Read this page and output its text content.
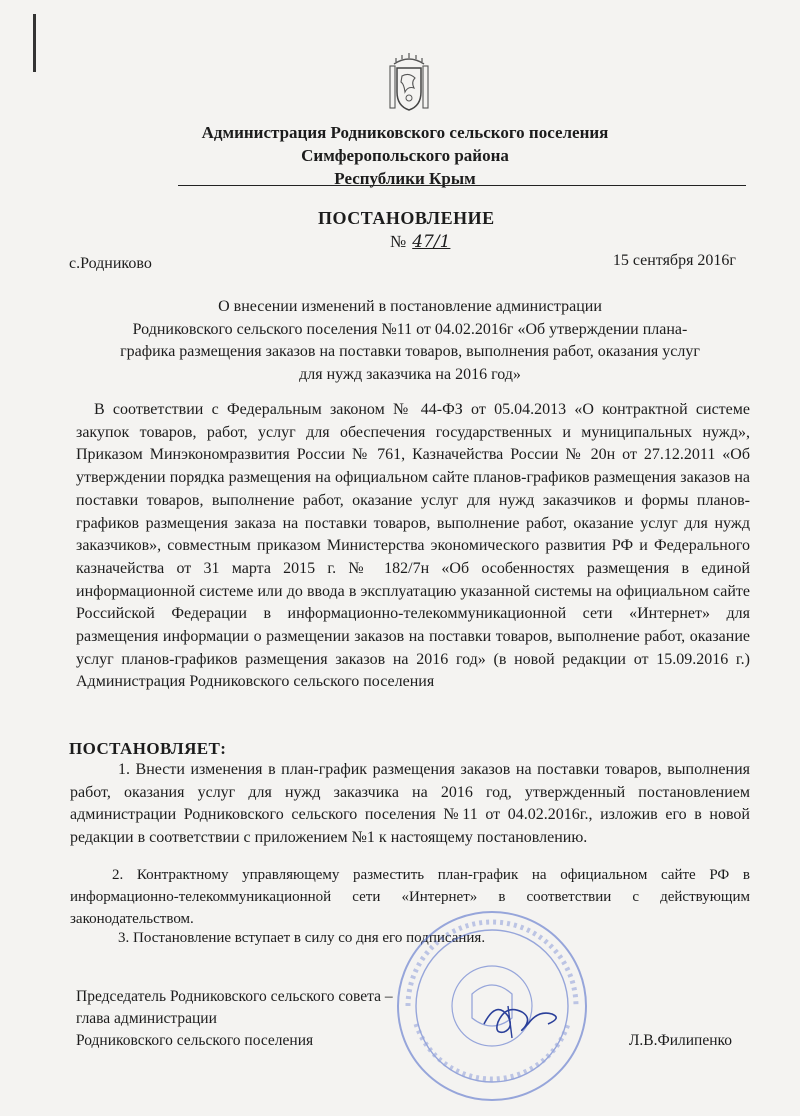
Администрация Родниковского сельского поселения
Симферопольского района
Республики Крым
ПОСТАНОВЛЕНИЕ
№ 47/1
с.Родниково	15 сентября 2016г
О внесении изменений в постановление администрации
Родниковского сельского поселения №11 от 04.02.2016г «Об утверждении плана-
графика размещения заказов на поставки товаров, выполнения работ, оказания услуг
для нужд заказчика на 2016 год»
В соответствии с Федеральным законом № 44-ФЗ от 05.04.2013 «О контрактной системе закупок товаров, работ, услуг для обеспечения государственных и муниципальных нужд», Приказом Минэкономразвития России № 761, Казначейства России № 20н от 27.12.2011 «Об утверждении порядка размещения на официальном сайте планов-графиков размещения заказов на поставки товаров, выполнение работ, оказание услуг для нужд заказчиков и формы планов-графиков размещения заказа на поставки товаров, выполнение работ, оказание услуг для нужд заказчиков», совместным приказом Министерства экономического развития РФ и Федерального казначейства от 31 марта 2015 г. № 182/7н «Об особенностях размещения в единой информационной системе или до ввода в эксплуатацию указанной системы на официальном сайте Российской Федерации в информационно-телекоммуникационной сети «Интернет» для размещения информации о размещении заказов на поставки товаров, выполнение работ, оказание услуг планов-графиков размещения заказов на 2016 год» (в новой редакции от 15.09.2016 г.) Администрация Родниковского сельского поселения
ПОСТАНОВЛЯЕТ:
1. Внести изменения в план-график размещения заказов на поставки товаров, выполнения работ, оказания услуг для нужд заказчика на 2016 год, утвержденный постановлением администрации Родниковского сельского поселения №11 от 04.02.2016г., изложив его в новой редакции в соответствии с приложением №1 к настоящему постановлению.
2. Контрактному управляющему разместить план-график на официальном сайте РФ в информационно-телекоммуникационной сети «Интернет» в соответствии с действующим законодательством.
3. Постановление вступает в силу со дня его подписания.
Председатель Родниковского сельского совета –
глава администрации
Родниковского сельского поселения	Л.В.Филипенко
